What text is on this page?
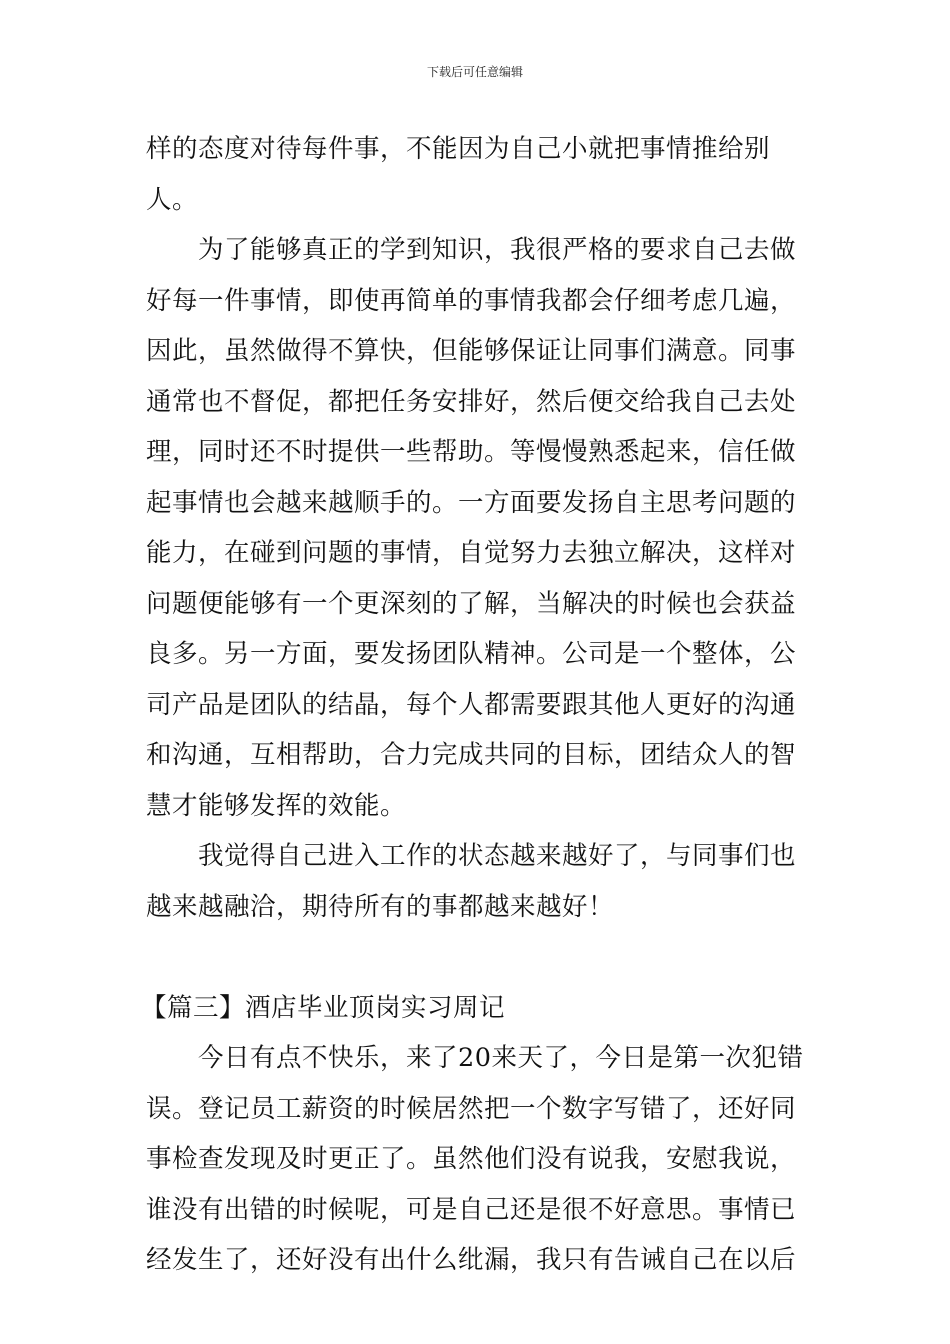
下载后可任意编辑

样的态度对待每件事，不能因为自己小就把事情推给别人。

为了能够真正的学到知识，我很严格的要求自己去做好每一件事情，即使再简单的事情我都会仔细考虑几遍，因此，虽然做得不算快，但能够保证让同事们满意。同事通常也不督促，都把任务安排好，然后便交给我自己去处理，同时还不时提供一些帮助。等慢慢熟悉起来，信任做起事情也会越来越顺手的。一方面要发扬自主思考问题的能力，在碰到问题的事情，自觉努力去独立解决，这样对问题便能够有一个更深刻的了解，当解决的时候也会获益良多。另一方面，要发扬团队精神。公司是一个整体，公司产品是团队的结晶，每个人都需要跟其他人更好的沟通和沟通，互相帮助，合力完成共同的目标，团结众人的智慧才能够发挥的效能。

我觉得自己进入工作的状态越来越好了，与同事们也越来越融洽，期待所有的事都越来越好！

【篇三】酒店毕业顶岗实习周记

今日有点不快乐，来了20来天了，今日是第一次犯错误。登记员工薪资的时候居然把一个数字写错了，还好同事检查发现及时更正了。虽然他们没有说我，安慰我说，谁没有出错的时候呢，可是自己还是很不好意思。事情已经发生了，还好没有出什么纰漏，我只有告诫自己在以后
